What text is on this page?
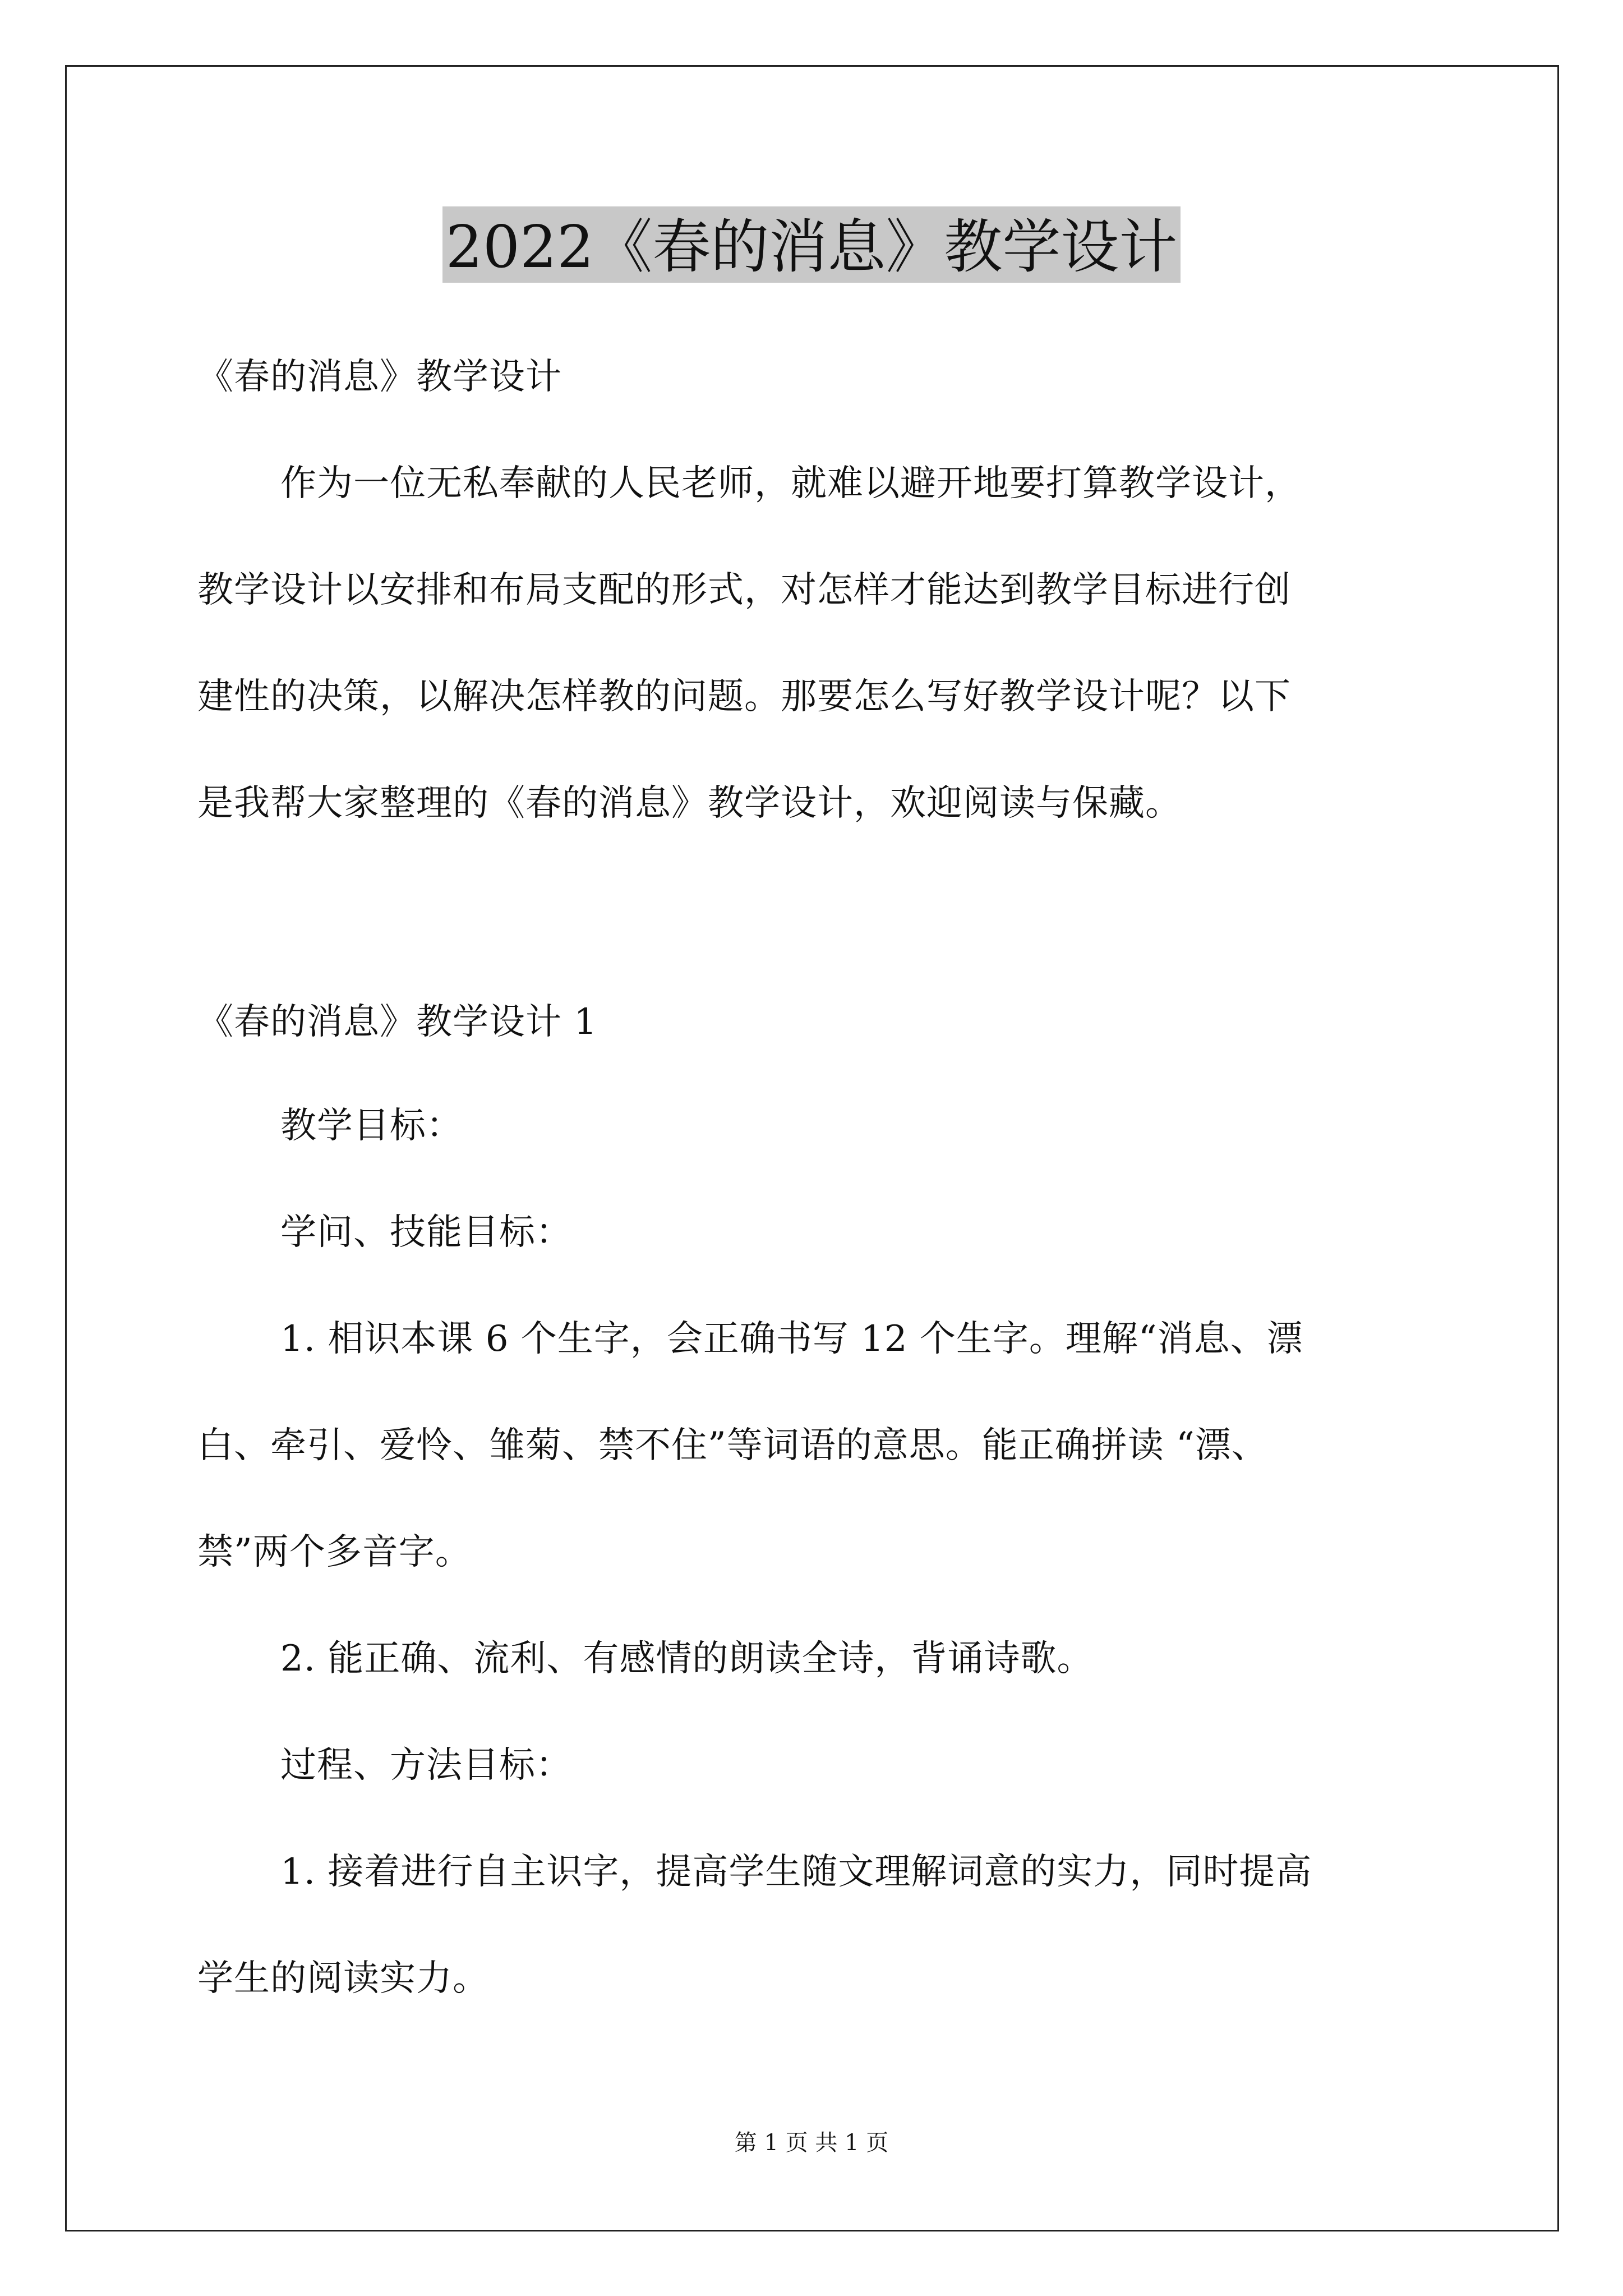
2022《春的消息》教学设计
《春的消息》教学设计
作为一位无私奉献的人民老师，就难以避开地要打算教学设计，
教学设计以安排和布局支配的形式，对怎样才能达到教学目标进行创
建性的决策，以解决怎样教的问题。那要怎么写好教学设计呢？以下
是我帮大家整理的《春的消息》教学设计，欢迎阅读与保藏。
《春的消息》教学设计 1
教学目标：
学问、技能目标：
1. 相识本课 6 个生字，会正确书写 12 个生字。理解“消息、漂
白、牵引、爱怜、雏菊、禁不住”等词语的意思。能正确拼读 “漂、
禁”两个多音字。
2. 能正确、流利、有感情的朗读全诗，背诵诗歌。
过程、方法目标：
1. 接着进行自主识字，提高学生随文理解词意的实力，同时提高
学生的阅读实力。
第 1 页 共 1 页
